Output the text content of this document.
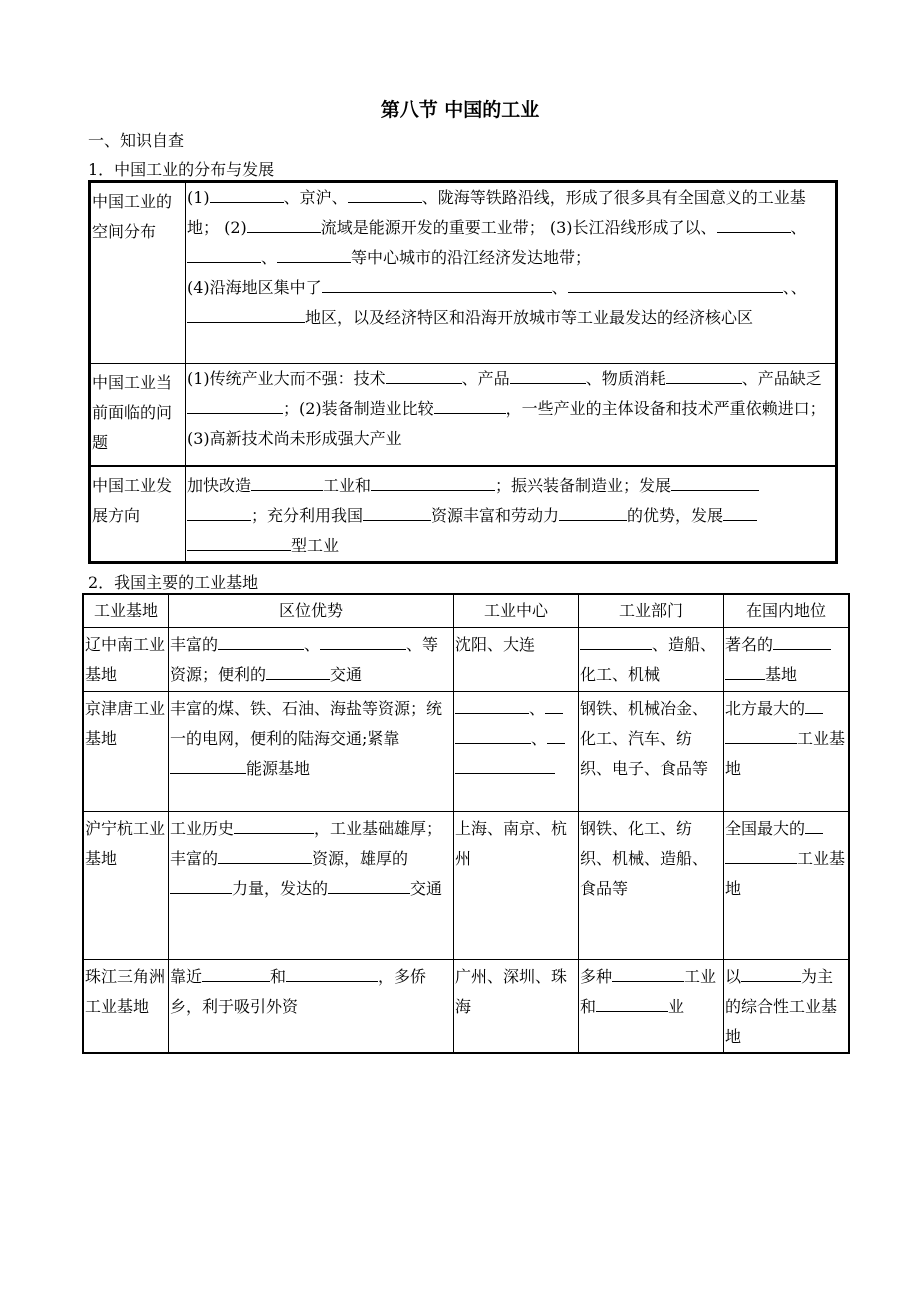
第八节 中国的工业
一、知识自查
1．中国工业的分布与发展
中国工业的空间分布	(1) 、京沪、 、陇海等铁路沿线，形成了很多具有全国意义的工业基地； (2) 流域是能源开发的重要工业带； (3)长江沿线形成了以、 、、 等中心城市的沿江经济发达地带；
(4)沿海地区集中了 、 、、
地区，以及经济特区和沿海开放城市等工业最发达的经济核心区
中国工业当前面临的问题	(1)传统产业大而不强：技术 、产品 、物质消耗 、产品缺乏；(2)装备制造业比较 ，一些产业的主体设备和技术严重依赖进口；(3)高新技术尚未形成强大产业
中国工业发展方向	加快改造 工业和 ；振兴装备制造业；发展
；充分利用我国 资源丰富和劳动力 的优势，发展
型工业
2．我国主要的工业基地
工业基地	区位优势	工业中心	工业部门	在国内地位
辽中南工业基地	丰富的 、 、等资源；便利的 交通	沈阳、大连	、造船、化工、机械	著名的
基地
京津唐工业基地	丰富的煤、铁、石油、海盐等资源；统一的电网，便利的陆海交通;紧靠能源基地	、
、	钢铁、机械冶金、化工、汽车、纺织、电子、食品等	北方最大的
工业基地
沪宁杭工业基地	工业历史 ，工业基础雄厚；丰富的 资源，雄厚的
力量，发达的 交通	上海、南京、杭州	钢铁、化工、纺织、机械、造船、食品等	全国最大的
工业基地
珠江三角洲工业基地	靠近 和 ，多侨乡，利于吸引外资	广州、深圳、珠海	多种 工业和 业	以 为主的综合性工业基地
